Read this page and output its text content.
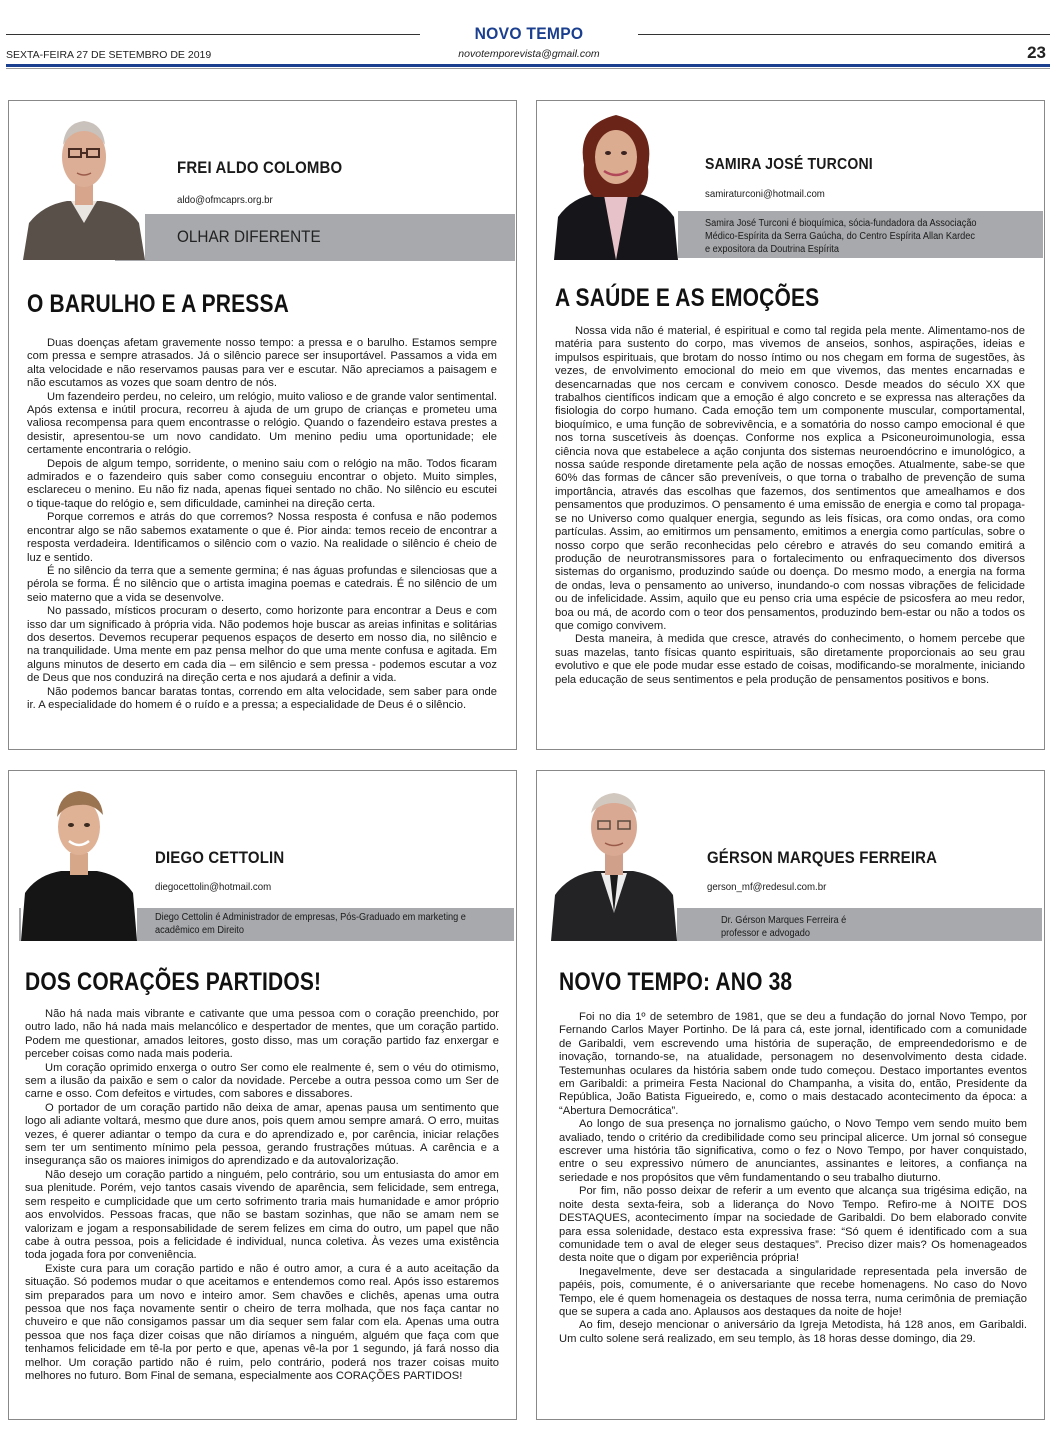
NOVO TEMPO
SEXTA-FEIRA 27 DE SETEMBRO DE 2019	novotemporevista@gmail.com	23
FREI ALDO COLOMBO
aldo@ofmcaprs.org.br
OLHAR DIFERENTE
O BARULHO E A PRESSA

Duas doenças afetam gravemente nosso tempo: a pressa e o barulho. Estamos sempre com pressa e sempre atrasados. Já o silêncio parece ser insuportável. Passamos a vida em alta velocidade e não reservamos pausas para ver e escutar. Não apreciamos a paisagem e não escutamos as vozes que soam dentro de nós.

Um fazendeiro perdeu, no celeiro, um relógio, muito valioso e de grande valor sentimental. Após extensa e inútil procura, recorreu à ajuda de um grupo de crianças e prometeu uma valiosa recompensa para quem encontrasse o relógio. Quando o fazendeiro estava prestes a desistir, apresentou-se um novo candidato. Um menino pediu uma oportunidade; ele certamente encontraria o relógio.

Depois de algum tempo, sorridente, o menino saiu com o relógio na mão. Todos ficaram admirados e o fazendeiro quis saber como conseguiu encontrar o objeto. Muito simples, esclareceu o menino. Eu não fiz nada, apenas fiquei sentado no chão. No silêncio eu escutei o tique-taque do relógio e, sem dificuldade, caminhei na direção certa.

Porque corremos e atrás do que corremos? Nossa resposta é confusa e não podemos encontrar algo se não sabemos exatamente o que é. Pior ainda: temos receio de encontrar a resposta verdadeira. Identificamos o silêncio com o vazio. Na realidade o silêncio é cheio de luz e sentido.

É no silêncio da terra que a semente germina; é nas águas profundas e silenciosas que a pérola se forma. É no silêncio que o artista imagina poemas e catedrais. É no silêncio de um seio materno que a vida se desenvolve.

No passado, místicos procuram o deserto, como horizonte para encontrar a Deus e com isso dar um significado à própria vida. Não podemos hoje buscar as areias infinitas e solitárias dos desertos. Devemos recuperar pequenos espaços de deserto em nosso dia, no silêncio e na tranquilidade. Uma mente em paz pensa melhor do que uma mente confusa e agitada. Em alguns minutos de deserto em cada dia – em silêncio e sem pressa - podemos escutar a voz de Deus que nos conduzirá na direção certa e nos ajudará a definir a vida.

Não podemos bancar baratas tontas, correndo em alta velocidade, sem saber para onde ir. A especialidade do homem é o ruído e a pressa; a especialidade de Deus é o silêncio.

SAMIRA JOSÉ TURCONI
samiraturconi@hotmail.com
Samira José Turconi é bioquímica, sócia-fundadora da Associação Médico-Espírita da Serra Gaúcha, do Centro Espírita Allan Kardec e expositora da Doutrina Espírita
A SAÚDE E AS EMOÇÕES

Nossa vida não é material, é espiritual e como tal regida pela mente. Alimentamo-nos de matéria para sustento do corpo, mas vivemos de anseios, sonhos, aspirações, ideias e impulsos espirituais, que brotam do nosso íntimo ou nos chegam em forma de sugestões, às vezes, de envolvimento emocional do meio em que vivemos, das mentes encarnadas e desencarnadas que nos cercam e convivem conosco. Desde meados do século XX que trabalhos científicos indicam que a emoção é algo concreto e se expressa nas alterações da fisiologia do corpo humano. Cada emoção tem um componente muscular, comportamental, bioquímico, e uma função de sobrevivência, e a somatória do nosso campo emocional é que nos torna suscetíveis às doenças. Conforme nos explica a Psiconeuroimunologia, essa ciência nova que estabelece a ação conjunta dos sistemas neuroendócrino e imunológico, a nossa saúde responde diretamente pela ação de nossas emoções. Atualmente, sabe-se que 60% das formas de câncer são preveníveis, o que torna o trabalho de prevenção de suma importância, através das escolhas que fazemos, dos sentimentos que amealhamos e dos pensamentos que produzimos. O pensamento é uma emissão de energia e como tal propaga-se no Universo como qualquer energia, segundo as leis físicas, ora como ondas, ora como partículas. Assim, ao emitirmos um pensamento, emitimos a energia como partículas, sobre o nosso corpo que serão reconhecidas pelo cérebro e através do seu comando emitirá a produção de neurotransmissores para o fortalecimento ou enfraquecimento dos diversos sistemas do organismo, produzindo saúde ou doença. Do mesmo modo, a energia na forma de ondas, leva o pensamento ao universo, inundando-o com nossas vibrações de felicidade ou de infelicidade. Assim, aquilo que eu penso cria uma espécie de psicosfera ao meu redor, boa ou má, de acordo com o teor dos pensamentos, produzindo bem-estar ou não a todos os que comigo convivem.

Desta maneira, à medida que cresce, através do conhecimento, o homem percebe que suas mazelas, tanto físicas quanto espirituais, são diretamente proporcionais ao seu grau evolutivo e que ele pode mudar esse estado de coisas, modificando-se moralmente, iniciando pela educação de seus sentimentos e pela produção de pensamentos positivos e bons.

DIEGO CETTOLIN
diegocettolin@hotmail.com
Diego Cettolin é Administrador de empresas, Pós-Graduado em marketing e acadêmico em Direito
DOS CORAÇÕES PARTIDOS!

Não há nada mais vibrante e cativante que uma pessoa com o coração preenchido, por outro lado, não há nada mais melancólico e despertador de mentes, que um coração partido. Podem me questionar, amados leitores, gosto disso, mas um coração partido faz enxergar e perceber coisas como nada mais poderia.

Um coração oprimido enxerga o outro Ser como ele realmente é, sem o véu do otimismo, sem a ilusão da paixão e sem o calor da novidade. Percebe a outra pessoa como um Ser de carne e osso. Com defeitos e virtudes, com sabores e dissabores.

O portador de um coração partido não deixa de amar, apenas pausa um sentimento que logo ali adiante voltará, mesmo que dure anos, pois quem amou sempre amará. O erro, muitas vezes, é querer adiantar o tempo da cura e do aprendizado e, por carência, iniciar relações sem ter um sentimento mínimo pela pessoa, gerando frustrações mútuas. A carência e a insegurança são os maiores inimigos do aprendizado e da autovalorização.

Não desejo um coração partido a ninguém, pelo contrário, sou um entusiasta do amor em sua plenitude. Porém, vejo tantos casais vivendo de aparência, sem felicidade, sem entrega, sem respeito e cumplicidade que um certo sofrimento traria mais humanidade e amor próprio aos envolvidos. Pessoas fracas, que não se bastam sozinhas, que não se amam nem se valorizam e jogam a responsabilidade de serem felizes em cima do outro, um papel que não cabe à outra pessoa, pois a felicidade é individual, nunca coletiva. Às vezes uma existência toda jogada fora por conveniência.

Existe cura para um coração partido e não é outro amor, a cura é a auto aceitação da situação. Só podemos mudar o que aceitamos e entendemos como real. Após isso estaremos sim preparados para um novo e inteiro amor. Sem chavões e clichês, apenas uma outra pessoa que nos faça novamente sentir o cheiro de terra molhada, que nos faça cantar no chuveiro e que não consigamos passar um dia sequer sem falar com ela. Apenas uma outra pessoa que nos faça dizer coisas que não diríamos a ninguém, alguém que faça com que tenhamos felicidade em tê-la por perto e que, apenas vê-la por 1 segundo, já fará nosso dia melhor. Um coração partido não é ruim, pelo contrário, poderá nos trazer coisas muito melhores no futuro. Bom Final de semana, especialmente aos CORAÇÕES PARTIDOS!

GÉRSON MARQUES FERREIRA
gerson_mf@redesul.com.br
Dr. Gérson Marques Ferreira é professor e advogado
NOVO TEMPO: ANO 38

Foi no dia 1º de setembro de 1981, que se deu a fundação do jornal Novo Tempo, por Fernando Carlos Mayer Portinho. De lá para cá, este jornal, identificado com a comunidade de Garibaldi, vem escrevendo uma história de superação, de empreendedorismo e de inovação, tornando-se, na atualidade, personagem no desenvolvimento desta cidade. Testemunhas oculares da história sabem onde tudo começou. Destaco importantes eventos em Garibaldi: a primeira Festa Nacional do Champanha, a visita do, então, Presidente da República, João Batista Figueiredo, e, como o mais destacado acontecimento da época: a “Abertura Democrática”.

Ao longo de sua presença no jornalismo gaúcho, o Novo Tempo vem sendo muito bem avaliado, tendo o critério da credibilidade como seu principal alicerce. Um jornal só consegue escrever uma história tão significativa, como o fez o Novo Tempo, por haver conquistado, entre o seu expressivo número de anunciantes, assinantes e leitores, a confiança na seriedade e nos propósitos que vêm fundamentando o seu trabalho diuturno.

Por fim, não posso deixar de referir a um evento que alcança sua trigésima edição, na noite desta sexta-feira, sob a liderança do Novo Tempo. Refiro-me à NOITE DOS DESTAQUES, acontecimento ímpar na sociedade de Garibaldi. Do bem elaborado convite para essa solenidade, destaco esta expressiva frase: “Só quem é identificado com a sua comunidade tem o aval de eleger seus destaques”. Preciso dizer mais? Os homenageados desta noite que o digam por experiência própria!

Inegavelmente, deve ser destacada a singularidade representada pela inversão de papéis, pois, comumente, é o aniversariante que recebe homenagens. No caso do Novo Tempo, ele é quem homenageia os destaques de nossa terra, numa cerimônia de premiação que se supera a cada ano. Aplausos aos destaques da noite de hoje!

Ao fim, desejo mencionar o aniversário da Igreja Metodista, há 128 anos, em Garibaldi. Um culto solene será realizado, em seu templo, às 18 horas desse domingo, dia 29.
